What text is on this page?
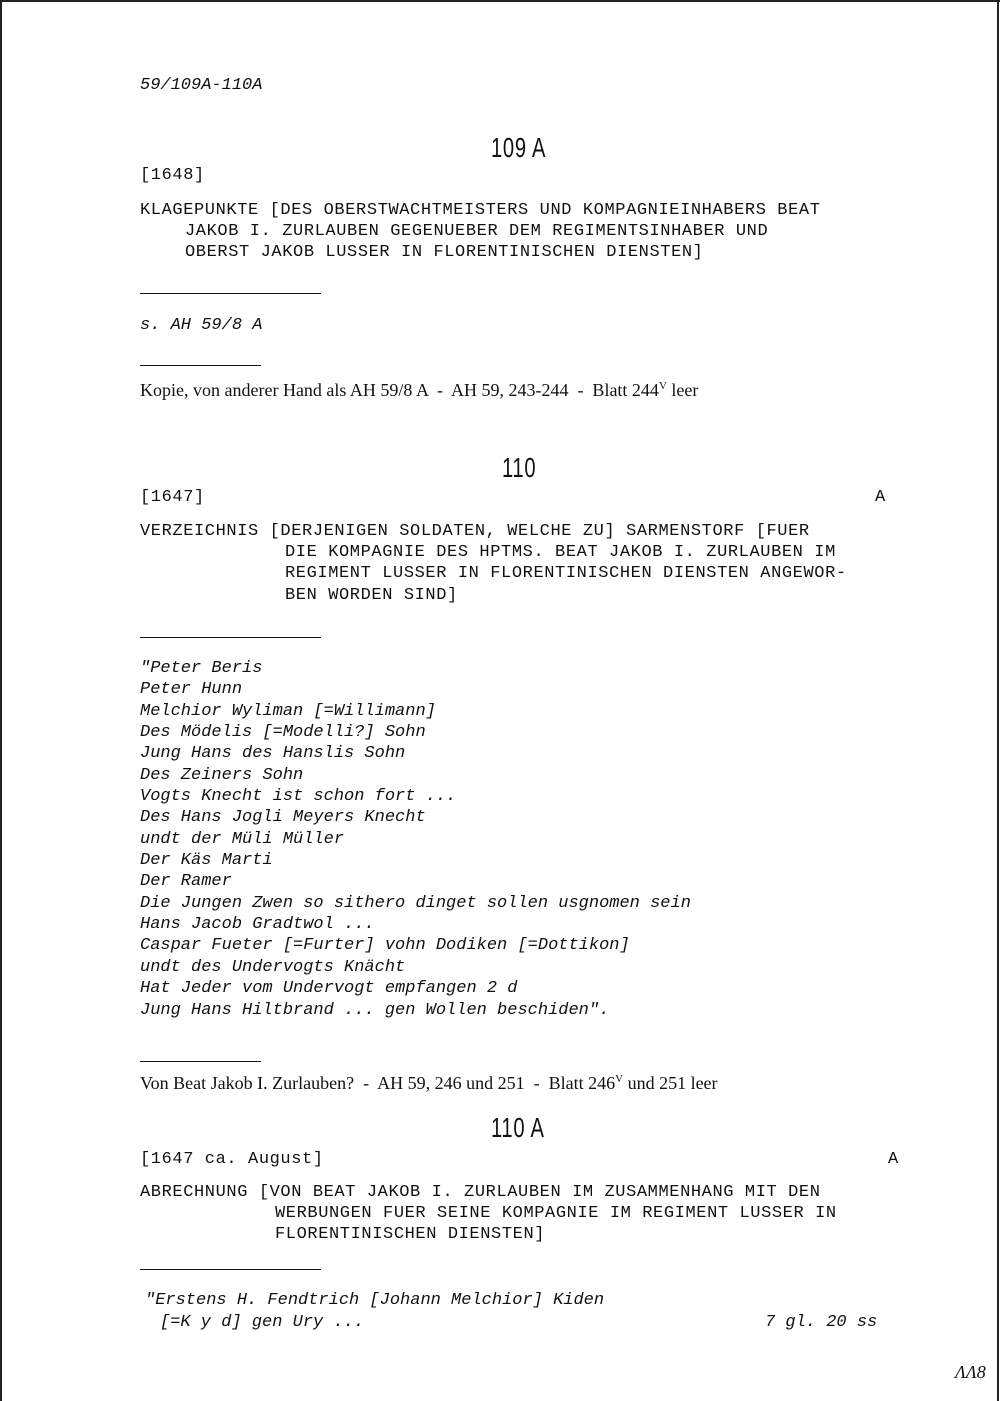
59/109A-110A
109 A
[1648]
KLAGEPUNKTE [DES OBERSTWACHTMEISTERS UND KOMPAGNIEINHABERS BEAT
JAKOB I. ZURLAUBEN GEGENUEBER DEM REGIMENTSINHABER UND
OBERST JAKOB LUSSER IN FLORENTINISCHEN DIENSTEN]
s. AH 59/8 A
Kopie, von anderer Hand als AH 59/8 A  -  AH 59, 243-244  -  Blatt $244^V$ leer
110
[1647]	A
VERZEICHNIS [DERJENIGEN SOLDATEN, WELCHE ZU] SARMENSTORF [FUER
DIE KOMPAGNIE DES HPTMS. BEAT JAKOB I. ZURLAUBEN IM
REGIMENT LUSSER IN FLORENTINISCHEN DIENSTEN ANGEWOR-
BEN WORDEN SIND]
"Peter Beris
Peter Hunn
Melchior Wyliman [=Willimann]
Des Mödelis [=Modelli?] Sohn
Jung Hans des Hanslis Sohn
Des Zeiners Sohn
Vogts Knecht ist schon fort ...
Des Hans Jogli Meyers Knecht
undt der Müli Müller
Der Käs Marti
Der Ramer
Die Jungen Zwen so sithero dinget sollen usgnomen sein
Hans Jacob Gradtwol ...
Caspar Fueter [=Furter] vohn Dodiken [=Dottikon]
undt des Undervogts Knächt
Hat Jeder vom Undervogt empfangen 2 d
Jung Hans Hiltbrand ... gen Wollen beschiden".
Von Beat Jakob I. Zurlauben?  -  AH 59, 246 und 251  -  Blatt $246^V$ und 251 leer
110 A
[1647 ca. August]	A
ABRECHNUNG [VON BEAT JAKOB I. ZURLAUBEN IM ZUSAMMENHANG MIT DEN
WERBUNGEN FUER SEINE KOMPAGNIE IM REGIMENT LUSSER IN
FLORENTINISCHEN DIENSTEN]
"Erstens H. Fendtrich [Johann Melchior] Kiden
[=K y d] gen Ury ...	7 gl. 20 ss
ɅɅ8
